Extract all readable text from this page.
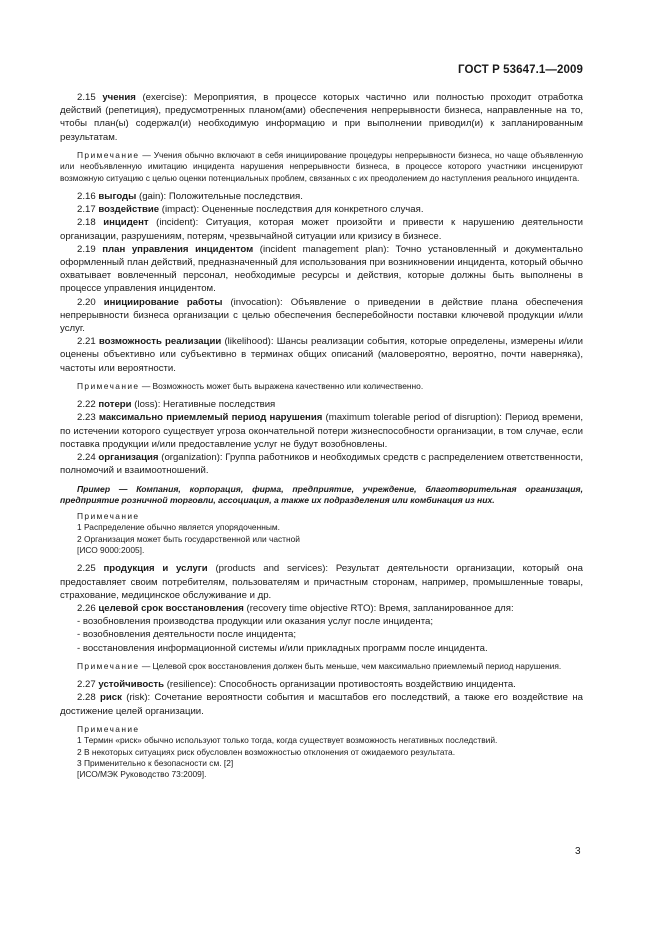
ГОСТ Р 53647.1—2009

2.15 учения (exercise): Мероприятия, в процессе которых частично или полностью проходит отработка действий (репетиция), предусмотренных планом(ами) обеспечения непрерывности бизнеса, направленные на то, чтобы план(ы) содержал(и) необходимую информацию и при выполнении приводил(и) к запланированным результатам.

Примечание — Учения обычно включают в себя инициирование процедуры непрерывности бизнеса, но чаще объявленную или необъявленную имитацию инцидента нарушения непрерывности бизнеса, в процессе которого участники инсценируют возможную ситуацию с целью оценки потенциальных проблем, связанных с их преодолением до наступления реального инцидента.

2.16 выгоды (gain): Положительные последствия.

2.17 воздействие (impact): Оцененные последствия для конкретного случая.

2.18 инцидент (incident): Ситуация, которая может произойти и привести к нарушению деятельности организации, разрушениям, потерям, чрезвычайной ситуации или кризису в бизнесе.

2.19 план управления инцидентом (incident management plan): Точно установленный и документально оформленный план действий, предназначенный для использования при возникновении инцидента, который обычно охватывает вовлеченный персонал, необходимые ресурсы и действия, которые должны быть выполнены в процессе управления инцидентом.

2.20 инициирование работы (invocation): Объявление о приведении в действие плана обеспечения непрерывности бизнеса организации с целью обеспечения бесперебойности поставки ключевой продукции и/или услуг.

2.21 возможность реализации (likelihood): Шансы реализации события, которые определены, измерены и/или оценены объективно или субъективно в терминах общих описаний (маловероятно, вероятно, почти наверняка), частоты или вероятности.

Примечание — Возможность может быть выражена качественно или количественно.

2.22 потери (loss): Негативные последствия

2.23 максимально приемлемый период нарушения (maximum tolerable period of disruption): Период времени, по истечении которого существует угроза окончательной потери жизнеспособности организации, в том случае, если поставка продукции и/или предоставление услуг не будут возобновлены.

2.24 организация (organization): Группа работников и необходимых средств с распределением ответственности, полномочий и взаимоотношений.

Пример — Компания, корпорация, фирма, предприятие, учреждение, благотворительная организация, предприятие розничной торговли, ассоциация, а также их подразделения или комбинация из них.

Примечание
1 Распределение обычно является упорядоченным.
2 Организация может быть государственной или частной
[ИСО 9000:2005].

2.25 продукция и услуги (products and services): Результат деятельности организации, который она предоставляет своим потребителям, пользователям и причастным сторонам, например, промышленные товары, страхование, медицинское обслуживание и др.

2.26 целевой срок восстановления (recovery time objective RTO): Время, запланированное для:

- возобновления производства продукции или оказания услуг после инцидента;

- возобновления деятельности после инцидента;

- восстановления информационной системы и/или прикладных программ после инцидента.

Примечание — Целевой срок восстановления должен быть меньше, чем максимально приемлемый период нарушения.

2.27 устойчивость (resilience): Способность организации противостоять воздействию инцидента.

2.28 риск (risk): Сочетание вероятности события и масштабов его последствий, а также его воздействие на достижение целей организации.

Примечание
1 Термин «риск» обычно используют только тогда, когда существует возможность негативных последствий.
2 В некоторых ситуациях риск обусловлен возможностью отклонения от ожидаемого результата.
3 Применительно к безопасности см. [2]
[ИСО/МЭК Руководство 73:2009].
3
